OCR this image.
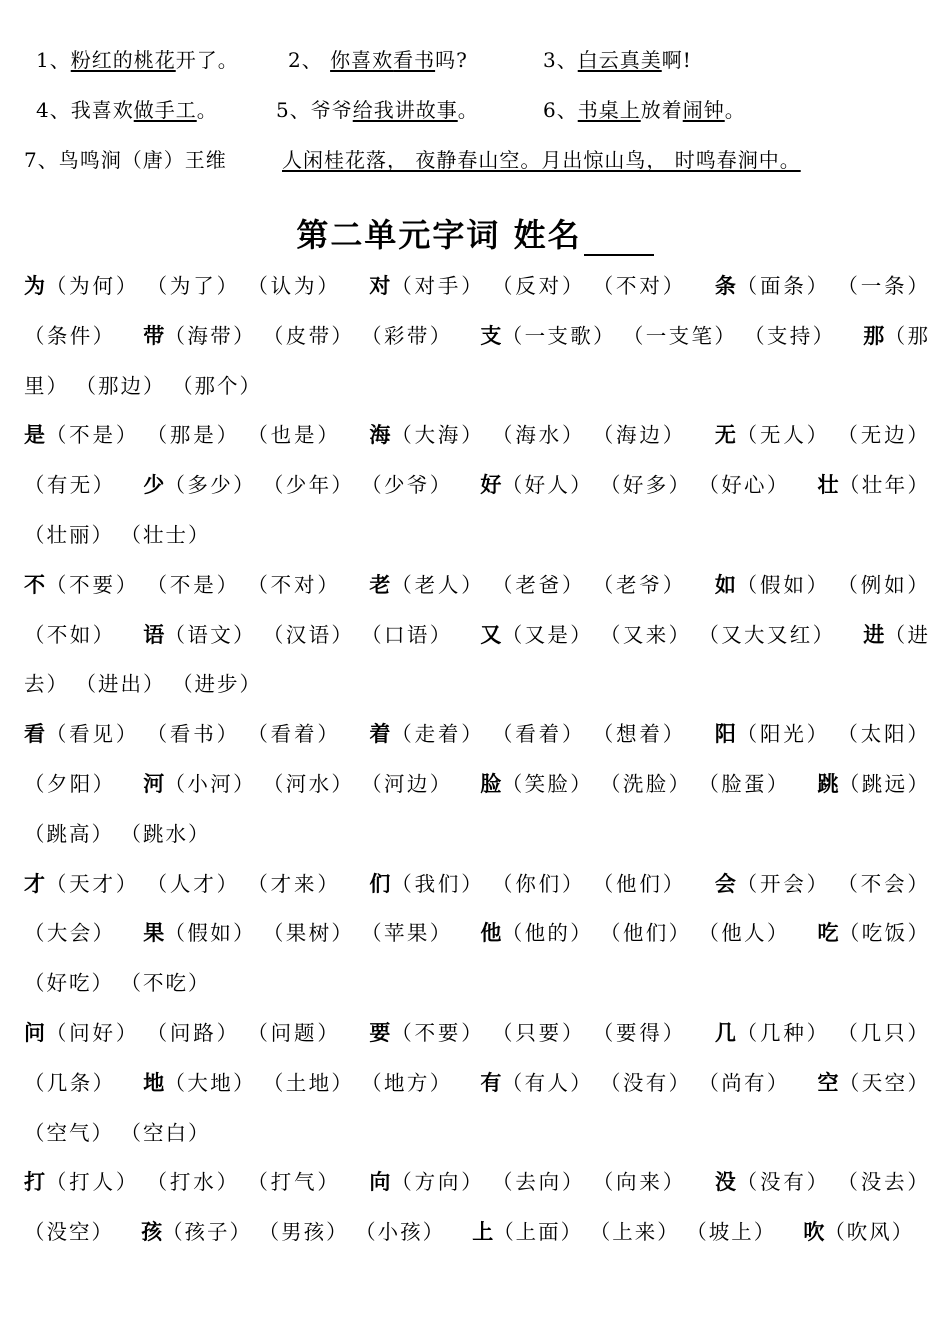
1、粉红的桃花开了。 2、 你喜欢看书吗?	3、白云真美啊!
4、我喜欢做手工。	5、爷爷给我讲故事。	6、书桌上放着闹钟。
7、鸟鸣涧（唐）王维	人闲桂花落， 夜静春山空。月出惊山鸟， 时鸣春涧中。
第二单元字词 姓名
为（为何） （为了） （认为） 对（对手） （反对） （不对） 条（面条） （一条） （条件） 带（海带） （皮带） （彩带） 支（一支歌） （一支笔） （支持） 那（那里） （那边） （那个）
是（不是） （那是） （也是） 海（大海） （海水） （海边） 无（无人） （无边） （有无） 少（多少） （少年） （少爷） 好（好人） （好多） （好心） 壮（壮年） （壮丽） （壮士）
不（不要） （不是） （不对） 老（老人） （老爸） （老爷） 如（假如） （例如） （不如） 语（语文） （汉语） （口语） 又（又是） （又来） （又大又红） 进（进去） （进出） （进步）
看（看见） （看书） （看着） 着（走着） （看着） （想着） 阳（阳光） （太阳） （夕阳） 河（小河） （河水） （河边） 脸（笑脸） （洗脸） （脸蛋） 跳（跳远） （跳高） （跳水）
才（天才） （人才） （才来） 们（我们） （你们） （他们） 会（开会） （不会） （大会） 果（假如） （果树） （苹果） 他（他的） （他们） （他人） 吃（吃饭） （好吃） （不吃）
问（问好） （问路） （问题） 要（不要） （只要） （要得） 几（几种） （几只） （几条） 地（大地） （土地） （地方） 有（有人） （没有） （尚有） 空（天空） （空气） （空白）
打（打人） （打水） （打气） 向（方向） （去向） （向来） 没（没有） （没去） （没空） 孩（孩子） （男孩） （小孩） 上（上面） （上来） （坡上） 吹（吹风）
